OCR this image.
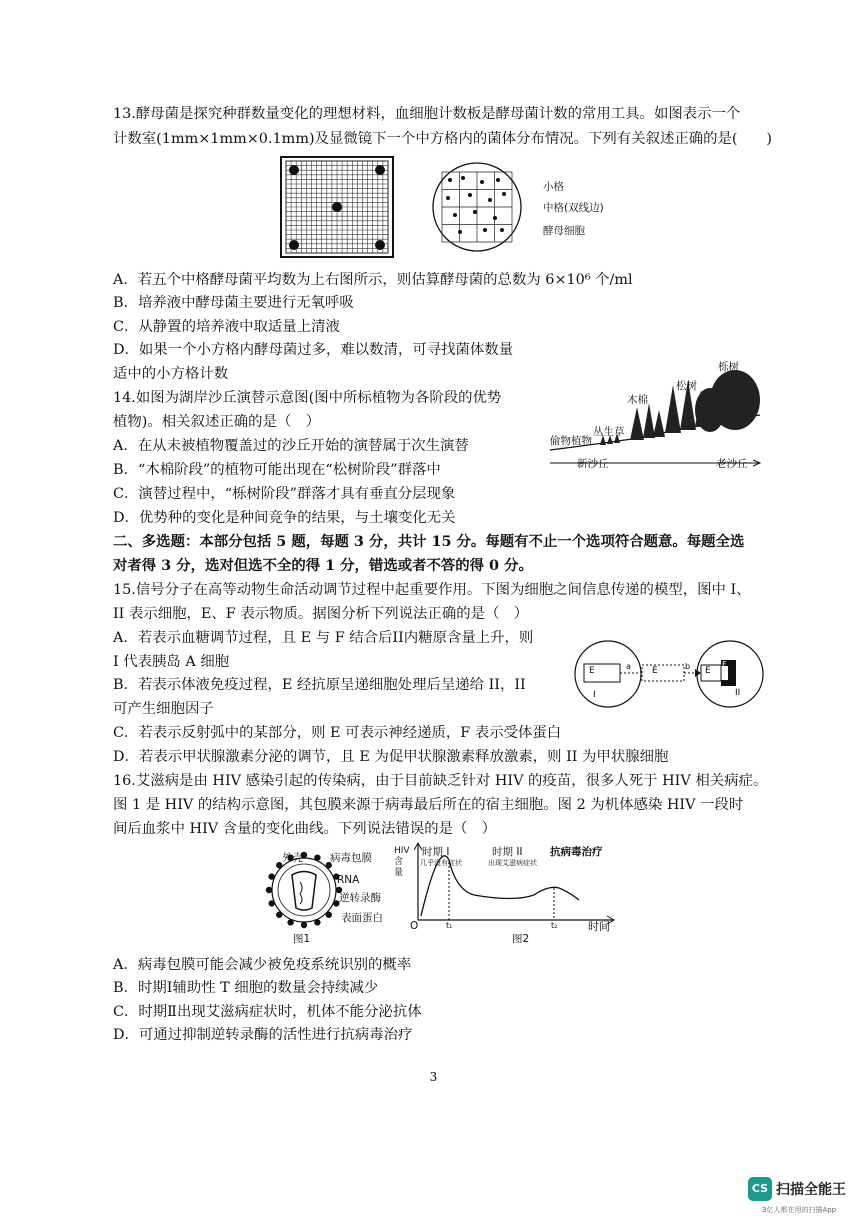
13.酵母菌是探究种群数量变化的理想材料，血细胞计数板是酵母菌计数的常用工具。如图表示一个
计数室(1mm×1mm×0.1mm)及显微镜下一个中方格内的菌体分布情况。下列有关叙述正确的是(　　)
小格
中格(双线边)
酵母细胞
A．若五个中格酵母菌平均数为上右图所示，则估算酵母菌的总数为 6×10⁶ 个/ml
B．培养液中酵母菌主要进行无氧呼吸
C．从静置的培养液中取适量上清液
D．如果一个小方格内酵母菌过多，难以数清，可寻找菌体数量
适中的小方格计数
14.如图为湖岸沙丘演替示意图(图中所标植物为各阶段的优势
植物)。相关叙述正确的是（　）
栎树
松树
木棉
丛生草
偷物植物
新沙丘	老沙丘
A．在从未被植物覆盖过的沙丘开始的演替属于次生演替
B．“木棉阶段”的植物可能出现在“松树阶段”群落中
C．演替过程中，“栎树阶段”群落才具有垂直分层现象
D．优势种的变化是种间竞争的结果，与土壤变化无关
二、多选题：本部分包括 5 题，每题 3 分，共计 15 分。每题有不止一个选项符合题意。每题全选
对者得 3 分，选对但选不全的得 1 分，错选或者不答的得 0 分。
15.信号分子在高等动物生命活动调节过程中起重要作用。下图为细胞之间信息传递的模型，图中 I、
II 表示细胞，E、F 表示物质。据图分析下列说法正确的是（　）
A．若表示血糖调节过程，且 E 与 F 结合后II内糖原含量上升，则
I 代表胰岛 A 细胞
B．若表示体液免疫过程，E 经抗原呈递细胞处理后呈递给 II，II
可产生细胞因子
C．若表示反射弧中的某部分，则 E 可表示神经递质，F 表示受体蛋白
D．若表示甲状腺激素分泌的调节，且 E 为促甲状腺激素释放激素，则 II 为甲状腺细胞
E	a E	b E
F
I	II
16.艾滋病是由 HIV 感染引起的传染病，由于目前缺乏针对 HIV 的疫苗，很多人死于 HIV 相关病症。
图 1 是 HIV 的结构示意图，其包膜来源于病毒最后所在的宿主细胞。图 2 为机体感染 HIV 一段时
间后血浆中 HIV 含量的变化曲线。下列说法错误的是（　）
外壳	病毒包膜
RNA
逆转录酶
表面蛋白
图1
HIV含量
时期 I	时期 II	抗病毒治疗
几乎没有症状	出现艾滋病症状
O	t₁	t₂	时间
图2
A．病毒包膜可能会减少被免疫系统识别的概率
B．时期Ⅰ辅助性 T 细胞的数量会持续减少
C．时期Ⅱ出现艾滋病症状时，机体不能分泌抗体
D．可通过抑制逆转录酶的活性进行抗病毒治疗
3
CS 扫描全能王
3亿人都在用的扫描App
